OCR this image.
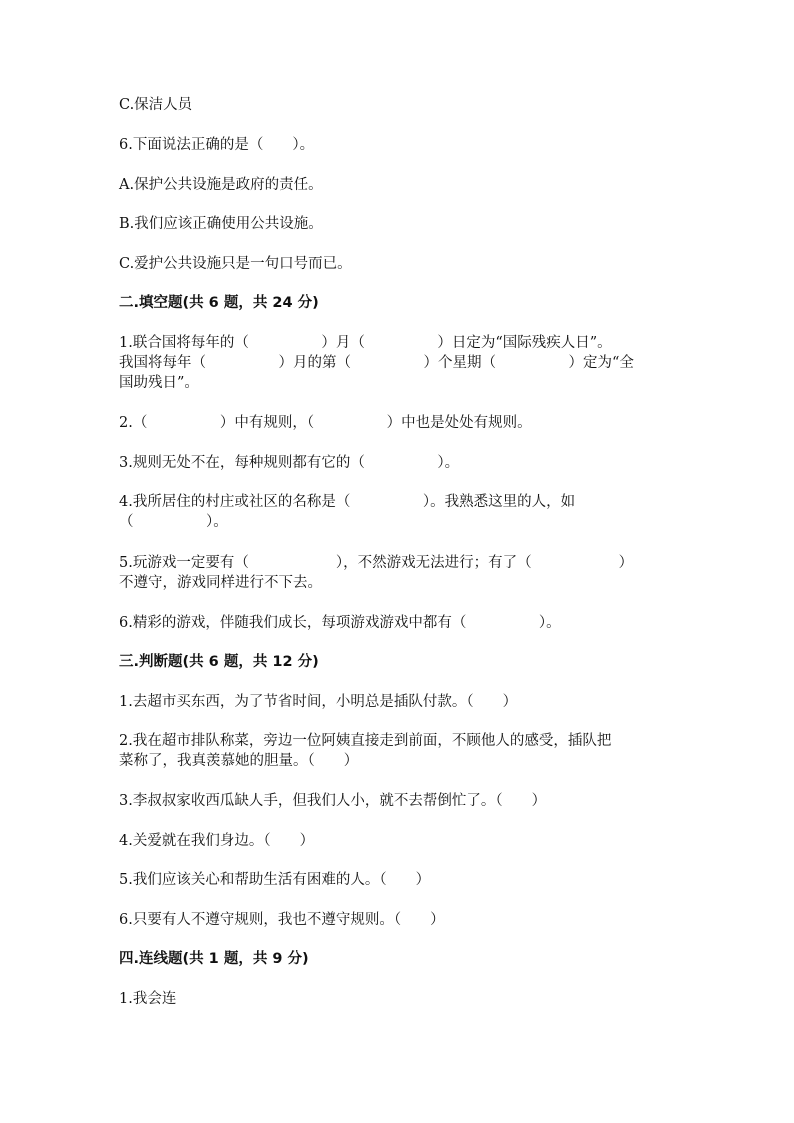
C.保洁人员
6.下面说法正确的是（　　）。
A.保护公共设施是政府的责任。
B.我们应该正确使用公共设施。
C.爱护公共设施只是一句口号而已。
二.填空题(共 6 题，共 24 分)
1.联合国将每年的（　　　　　）月（　　　　　）日定为“国际残疾人日”。
我国将每年（　　　　　）月的第（　　　　　）个星期（　　　　　）定为“全
国助残日”。
2.（　　　　　）中有规则，（　　　　　）中也是处处有规则。
3.规则无处不在，每种规则都有它的（　　　　　）。
4.我所居住的村庄或社区的名称是（　　　　　）。我熟悉这里的人，如
（　　　　　）。
5.玩游戏一定要有（　　　　　　），不然游戏无法进行；有了（　　　　　　）
不遵守，游戏同样进行不下去。
6.精彩的游戏，伴随我们成长，每项游戏游戏中都有（　　　　　）。
三.判断题(共 6 题，共 12 分)
1.去超市买东西，为了节省时间，小明总是插队付款。（　　）
2.我在超市排队称菜，旁边一位阿姨直接走到前面，不顾他人的感受，插队把
菜称了，我真羡慕她的胆量。（　　）
3.李叔叔家收西瓜缺人手，但我们人小，就不去帮倒忙了。（　　）
4.关爱就在我们身边。（　　）
5.我们应该关心和帮助生活有困难的人。（　　）
6.只要有人不遵守规则，我也不遵守规则。（　　）
四.连线题(共 1 题，共 9 分)
1.我会连
